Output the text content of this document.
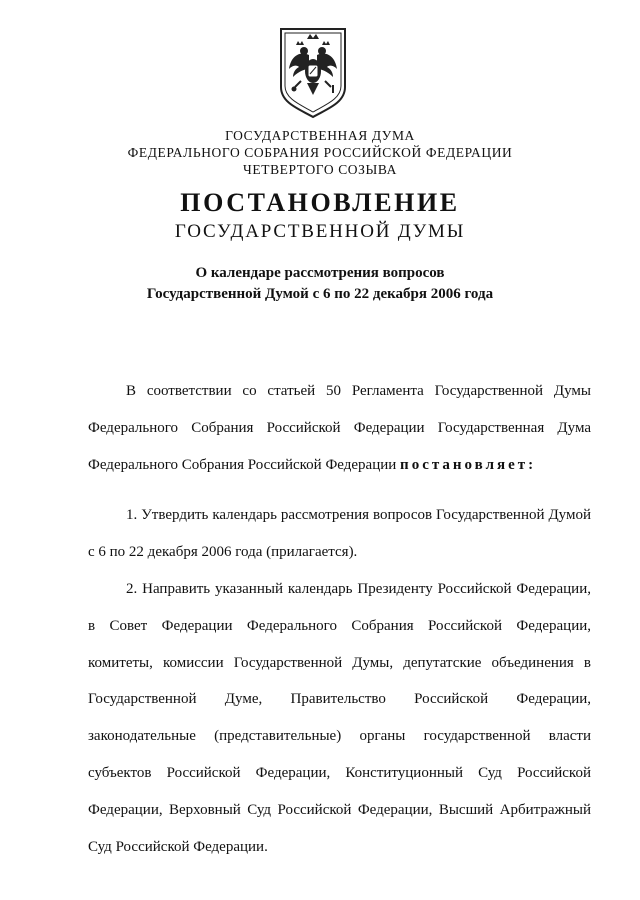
ГОСУДАРСТВЕННАЯ ДУМА
ФЕДЕРАЛЬНОГО СОБРАНИЯ РОССИЙСКОЙ ФЕДЕРАЦИИ
ЧЕТВЕРТОГО СОЗЫВА
ПОСТАНОВЛЕНИЕ
ГОСУДАРСТВЕННОЙ ДУМЫ
О календаре рассмотрения вопросов
Государственной Думой с 6 по 22 декабря 2006 года

В соответствии со статьей 50 Регламента Государственной Думы Федерального Собрания Российской Федерации Государственная Дума Федерального Собрания Российской Федерации постановляет:

1. Утвердить календарь рассмотрения вопросов Государственной Думой с 6 по 22 декабря 2006 года (прилагается).

2. Направить указанный календарь Президенту Российской Федерации, в Совет Федерации Федерального Собрания Российской Федерации, комитеты, комиссии Государственной Думы, депутатские объединения в Государственной Думе, Правительство Российской Федерации, законодательные (представительные) органы государственной власти субъектов Российской Федерации, Конституционный Суд Российской Федерации, Верховный Суд Российской Федерации, Высший Арбитражный Суд Российской Федерации.
